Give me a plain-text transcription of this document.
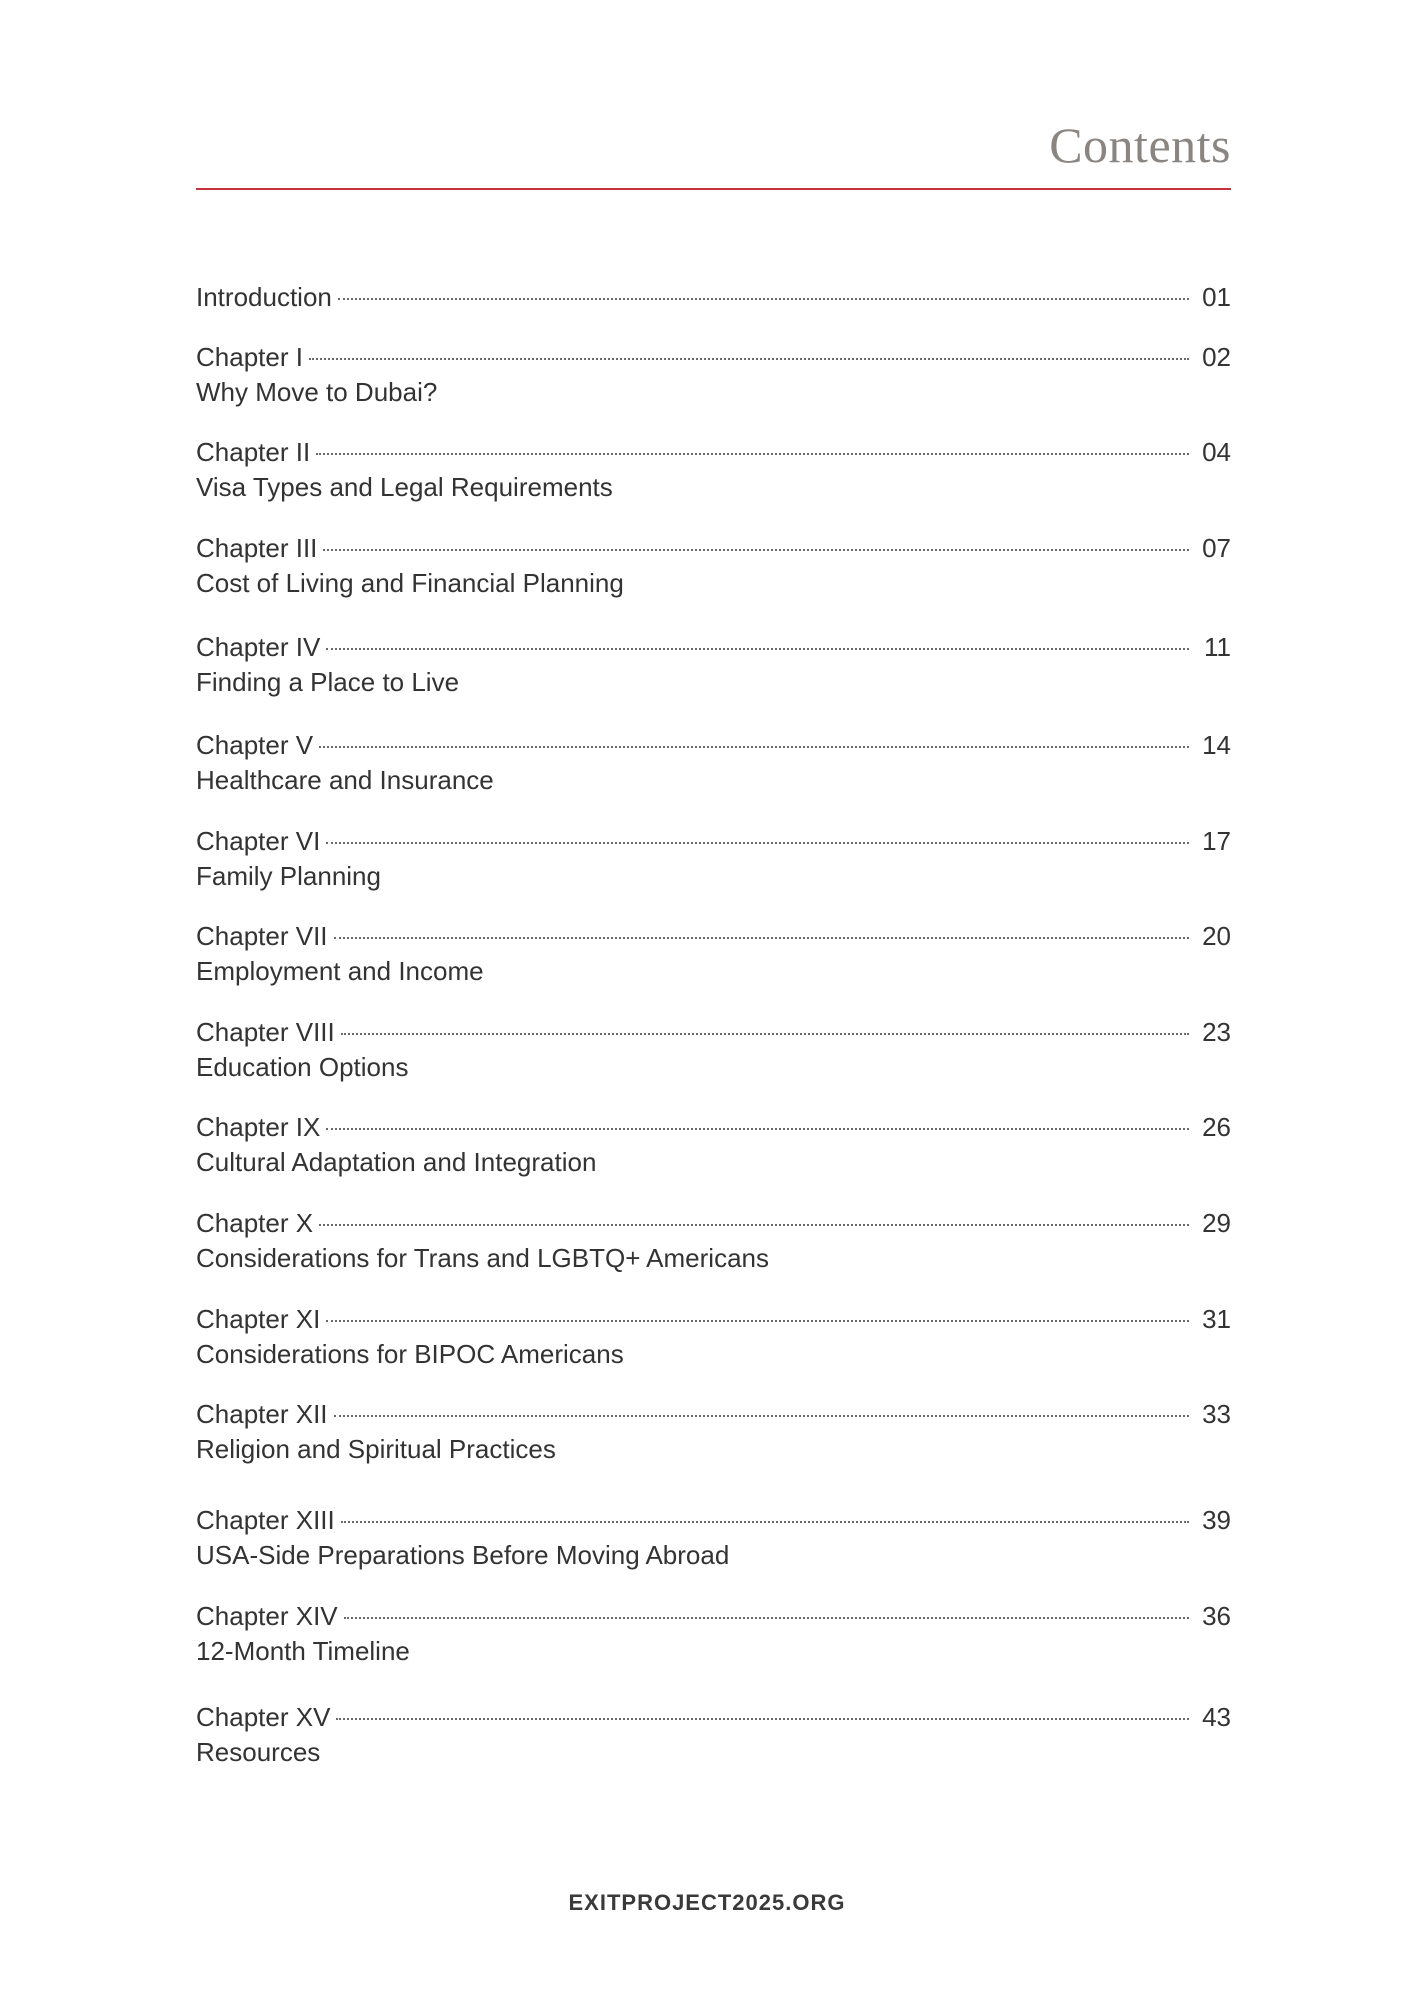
Contents
Introduction	01
Chapter I	02
Why Move to Dubai?
Chapter II	04
Visa Types and Legal Requirements
Chapter III	07
Cost of Living and Financial Planning
Chapter IV	11
Finding a Place to Live
Chapter V	14
Healthcare and Insurance
Chapter VI	17
Family Planning
Chapter VII	20
Employment and Income
Chapter VIII	23
Education Options
Chapter IX	26
Cultural Adaptation and Integration
Chapter X	29
Considerations for Trans and LGBTQ+ Americans
Chapter XI	31
Considerations for BIPOC Americans
Chapter XII	33
Religion and Spiritual Practices
Chapter XIII	39
USA-Side Preparations Before Moving Abroad
Chapter XIV	36
12-Month Timeline
Chapter XV	43
Resources
EXITPROJECT2025.ORG
